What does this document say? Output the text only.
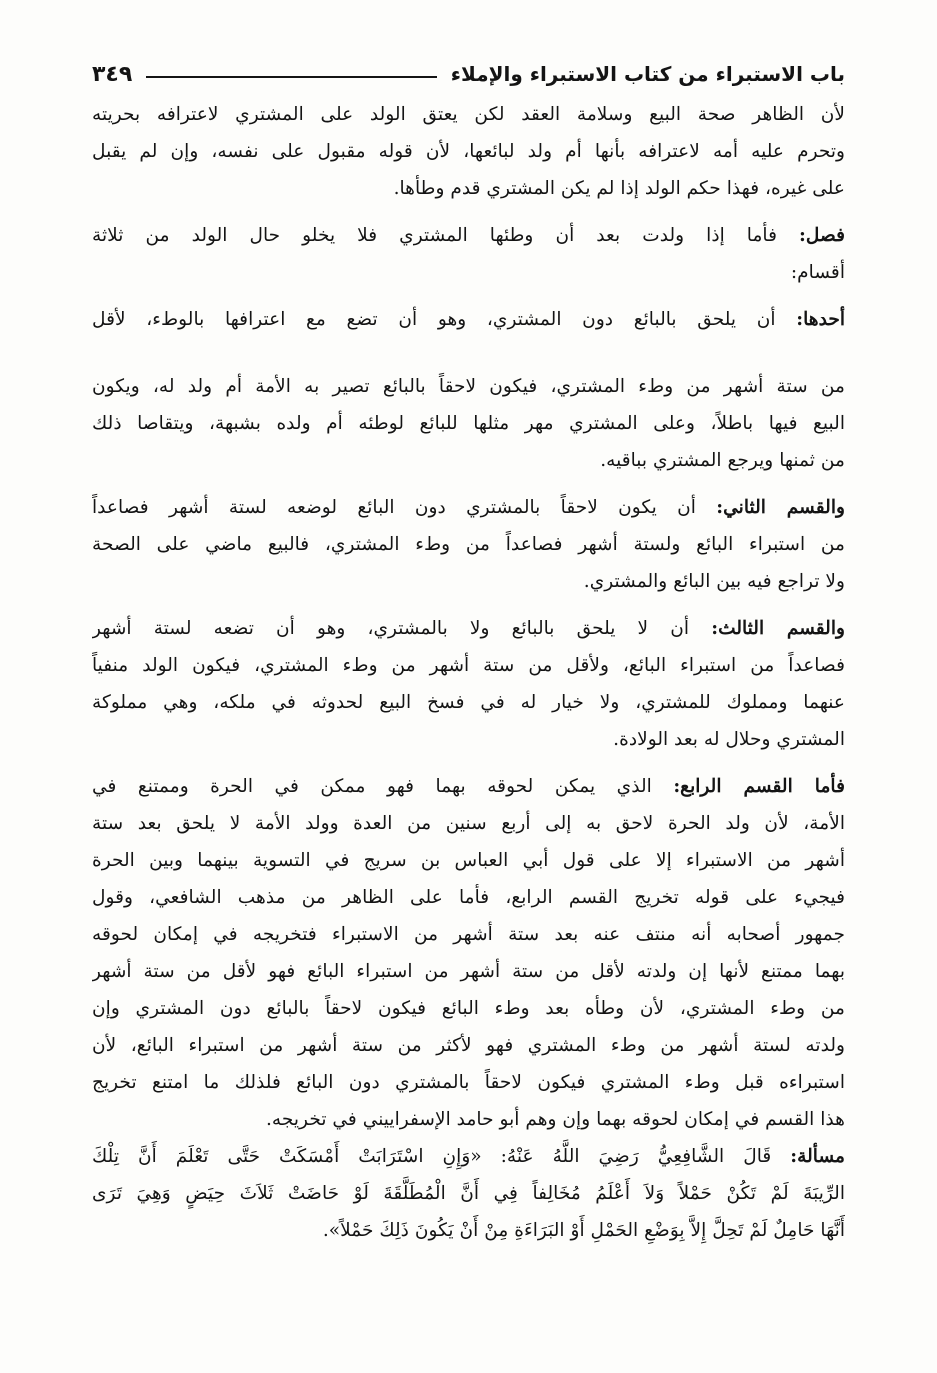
باب الاستبراء من كتاب الاستبراء والإملاء
٣٤٩
لأن الظاهر صحة البيع وسلامة العقد لكن يعتق الولد على المشتري لاعترافه بحريته
وتحرم عليه أمه لاعترافه بأنها أم ولد لبائعها، لأن قوله مقبول على نفسه، وإن لم يقبل
على غيره، فهذا حكم الولد إذا لم يكن المشتري قدم وطأها.
فصل: فأما إذا ولدت بعد أن وطئها المشتري فلا يخلو حال الولد من ثلاثة
أقسام:
أحدها: أن يلحق بالبائع دون المشتري، وهو أن تضع مع اعترافها بالوطء، لأقل
من ستة أشهر من وطء المشتري، فيكون لاحقاً بالبائع تصير به الأمة أم ولد له، ويكون
البيع فيها باطلاً، وعلى المشتري مهر مثلها للبائع لوطئه أم ولده بشبهة، ويتقاصا ذلك
من ثمنها ويرجع المشتري بباقيه.
والقسم الثاني: أن يكون لاحقاً بالمشتري دون البائع لوضعه لستة أشهر فصاعداً
من استبراء البائع ولستة أشهر فصاعداً من وطء المشتري، فالبيع ماضي على الصحة
ولا تراجع فيه بين البائع والمشتري.
والقسم الثالث: أن لا يلحق بالبائع ولا بالمشتري، وهو أن تضعه لستة أشهر
فصاعداً من استبراء البائع، ولأقل من ستة أشهر من وطء المشتري، فيكون الولد منفياً
عنهما ومملوك للمشتري، ولا خيار له في فسخ البيع لحدوثه في ملكه، وهي مملوكة
المشتري وحلال له بعد الولادة.
فأما القسم الرابع: الذي يمكن لحوقه بهما فهو ممكن في الحرة وممتنع في
الأمة، لأن ولد الحرة لاحق به إلى أربع سنين من العدة وولد الأمة لا يلحق بعد ستة
أشهر من الاستبراء إلا على قول أبي العباس بن سريج في التسوية بينهما وبين الحرة
فيجيء على قوله تخريج القسم الرابع، فأما على الظاهر من مذهب الشافعي، وقول
جمهور أصحابه أنه منتف عنه بعد ستة أشهر من الاستبراء فتخريجه في إمكان لحوقه
بهما ممتنع لأنها إن ولدته لأقل من ستة أشهر من استبراء البائع فهو لأقل من ستة أشهر
من وطء المشتري، لأن وطأه بعد وطء البائع فيكون لاحقاً بالبائع دون المشتري وإن
ولدته لستة أشهر من وطء المشتري فهو لأكثر من ستة أشهر من استبراء البائع، لأن
استبراءه قبل وطء المشتري فيكون لاحقاً بالمشتري دون البائع فلذلك ما امتنع تخريج
هذا القسم في إمكان لحوقه بهما وإن وهم أبو حامد الإسفراييني في تخريجه.
مسألة: قَالَ الشَّافِعِيُّ رَضِيَ اللَّهُ عَنْهُ: «وَإِنِ اسْتَرَابَتْ أَمْسَكَتْ حَتَّى تَعْلَمَ أَنَّ تِلْكَ
الرِّيبَةَ لَمْ تَكُنْ حَمْلاً وَلاَ أَعْلَمُ مُخَالِفاً فِي أَنَّ الْمُطَلَّقَةَ لَوْ حَاضَتْ ثَلاَثَ حِيَضٍ وَهِيَ تَرَى
أَنَّهَا حَامِلٌ لَمْ تَحِلَّ إِلاَّ بِوَضْعِ الحَمْلِ أَوْ البَرَاءَةِ مِنْ أَنْ يَكُونَ ذَلِكَ حَمْلاً».
